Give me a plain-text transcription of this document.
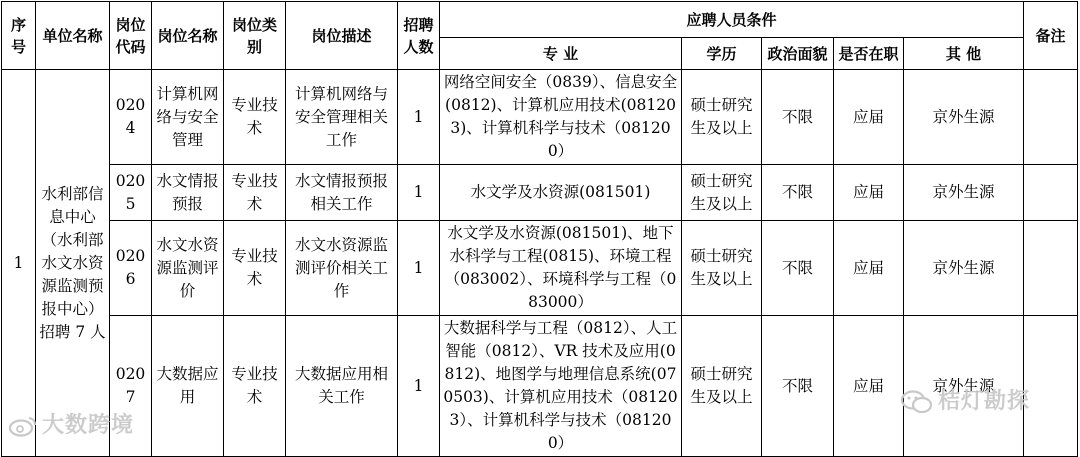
序号	单位名称	岗位代码	岗位名称	岗位类别	岗位描述	招聘人数	应聘人员条件					备注
							专 业	学历	政治面貌	是否在职	其 他	
1	水利部信息中心（水利部水文水资源监测预报中心）招聘 7 人	0204	计算机网络与安全管理	专业技术	计算机网络与安全管理相关工作	1	网络空间安全（0839）、信息安全(0812)、计算机应用技术(081203)、计算机科学与技术（081200）	硕士研究生及以上	不限	应届	京外生源	
		0205	水文情报预报	专业技术	水文情报预报相关工作	1	水文学及水资源(081501)	硕士研究生及以上	不限	应届	京外生源	
		0206	水文水资源监测评价	专业技术	水文水资源监测评价相关工作	1	水文学及水资源(081501)、地下水科学与工程(0815)、环境工程（083002）、环境科学与工程（083000）	硕士研究生及以上	不限	应届	京外生源	
		0207	大数据应用	专业技术	大数据应用相关工作	1	大数据科学与工程（0812）、人工智能（0812）、VR 技术及应用(0812)、地图学与地理信息系统(070503)、计算机应用技术（081203）、计算机科学与技术（081200）	硕士研究生及以上	不限	应届	京外生源	
大数跨境
桔灯勘探
